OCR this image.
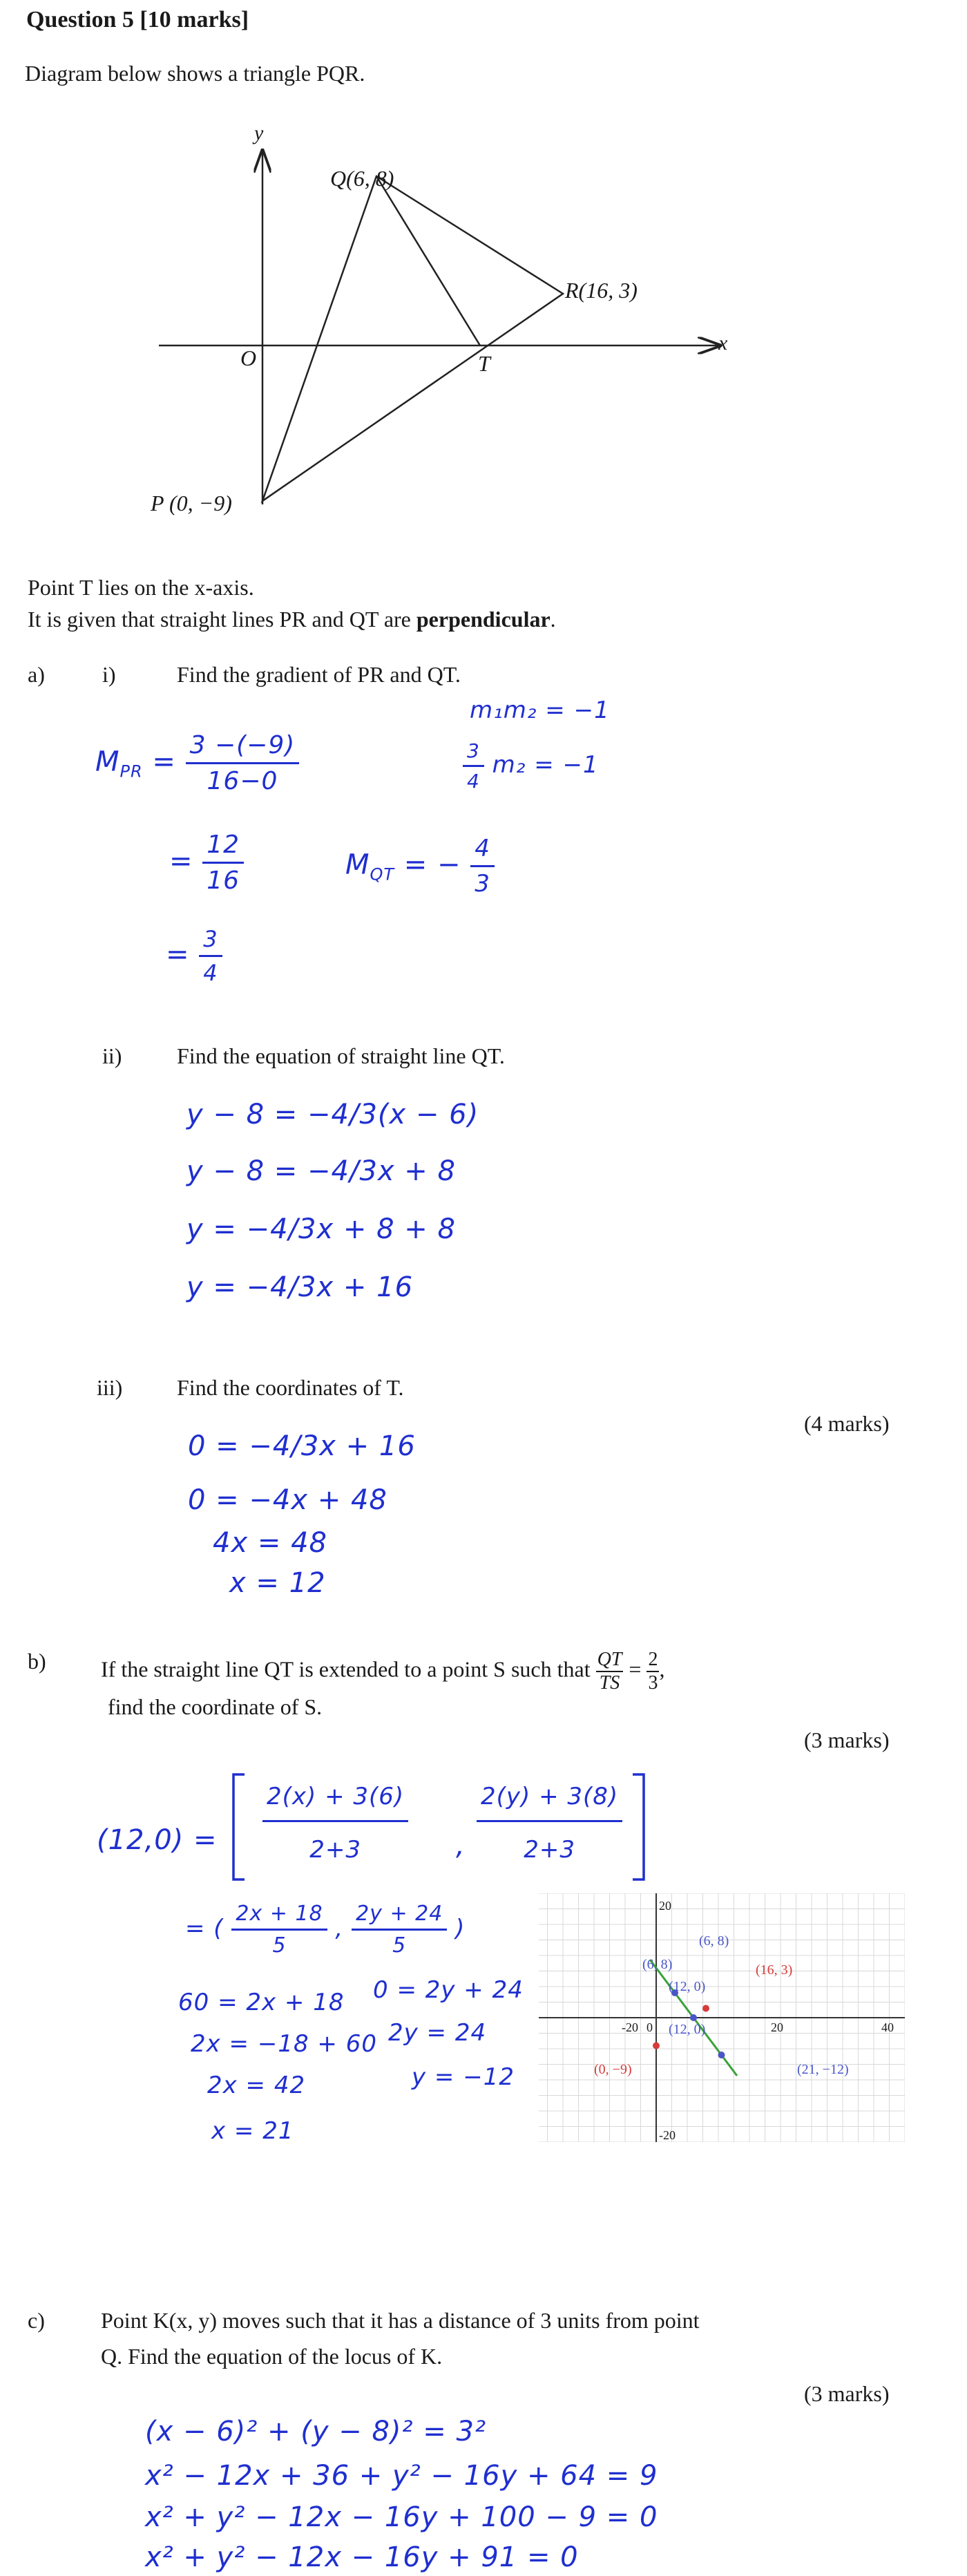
Question 5 [10 marks]
Diagram below shows a triangle PQR.
y
x
O
Q(6, 8)
R(16, 3)
T
P (0, −9)
Point T lies on the x-axis.
It is given that straight lines PR and QT are perpendicular.
a)	i)	Find the gradient of PR and QT.
m₁m₂ = −1
$\frac{3}{4} m_2 = -1$
$M_{PR} = \frac{3 -(-9)}{16-0}$
= $\frac{12}{16}$	$M_{QT}$ = − $\frac{4}{3}$
= $\frac{3}{4}$
ii) Find the equation of straight line QT.
y − 8 = −4/3(x − 6)
y − 8 = −4/3x + 8
y = −4/3x + 8 + 8
y = −4/3x + 16
iii) Find the coordinates of T.
(4 marks)
0 = −4/3x + 16
0 = −4x + 48
4x = 48
x = 12
b) If the straight line QT is extended to a point S such that $\frac{QT}{TS} = \frac{2}{3}$ ,
find the coordinate of S.
(3 marks)
$(12,0) = \frac{2(x) + 3(6)}{2+3}$ , $\frac{2(y) + 3(8)}{2+3}$
= ( $\frac{2x + 18}{5}$ , $\frac{2y + 24}{5}$ )
60 = 2x + 18
2x = −18 + 60
2x = 42
x = 21
0 = 2y + 24
2y = 24
y = −12
-20 0	20	40
20
-20
(6, 8)
(6, 8)
(12, 0)
(12, 0)
(16, 3)
(0, −9)	(21, −12)
c)	Point K(x, y) moves such that it has a distance of 3 units from point
Q. Find the equation of the locus of K.
(3 marks)
(x − 6)² + (y − 8)² = 3²
x² − 12x + 36 + y² − 16y + 64 = 9
x² + y² − 12x − 16y + 100 − 9 = 0
x² + y² − 12x − 16y + 91 = 0
